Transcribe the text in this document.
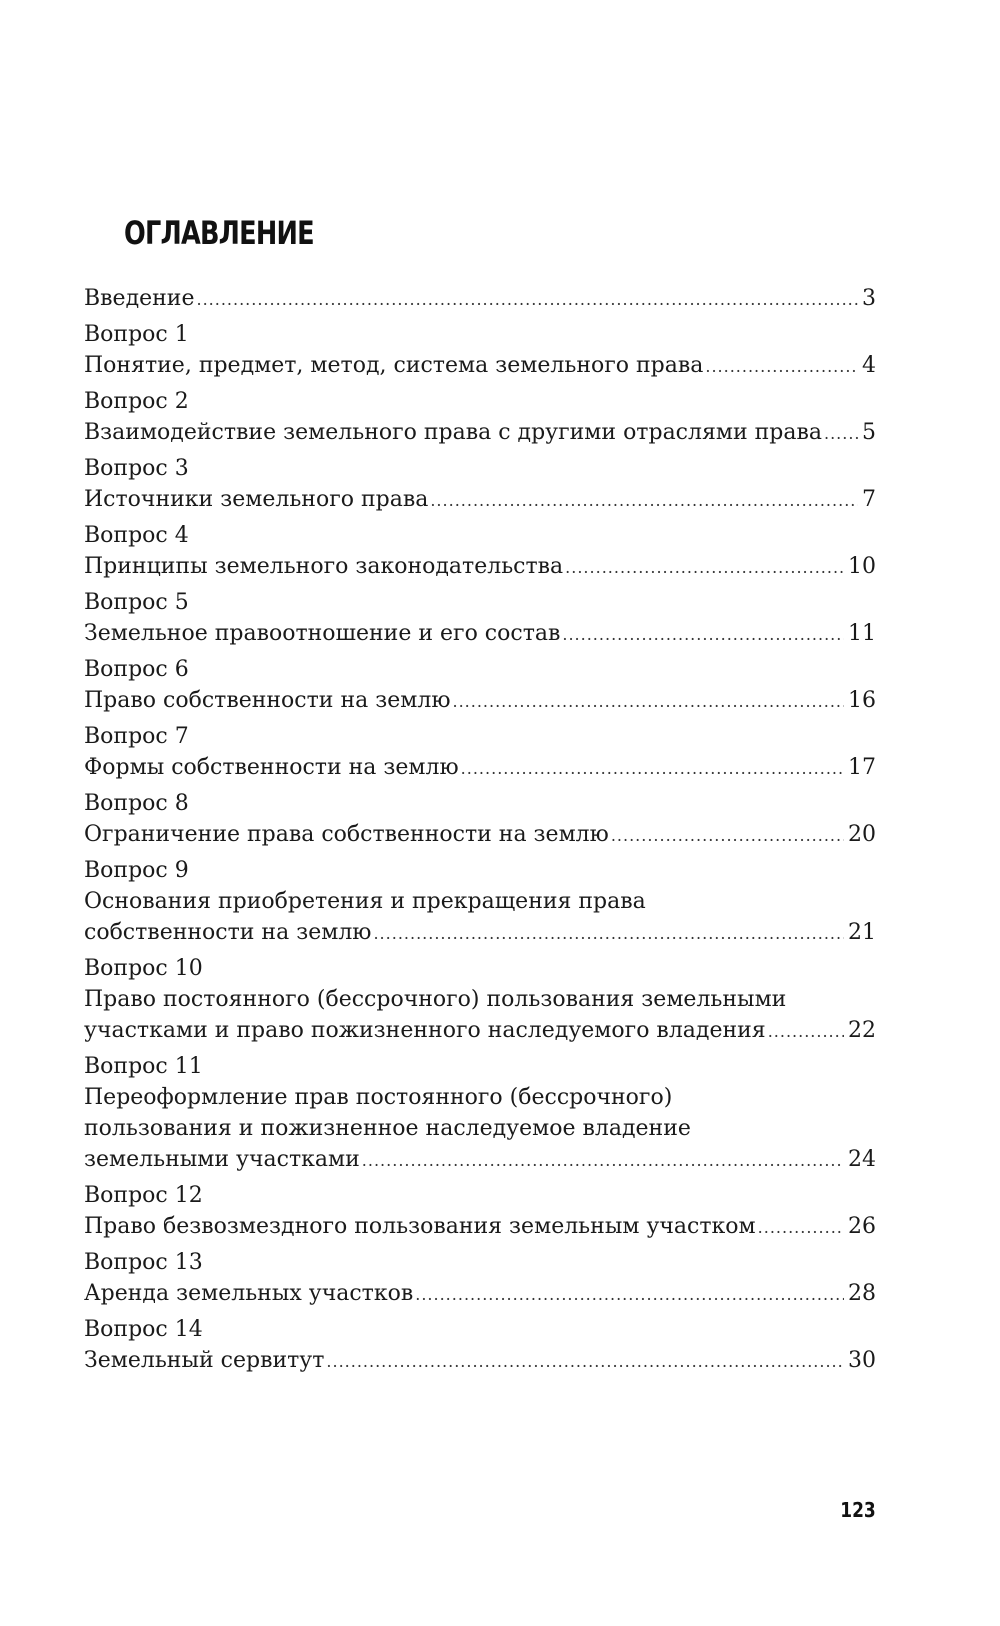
ОГЛАВЛЕНИЕ
Введение .....	3
Вопрос 1
Понятие, предмет, метод, система земельного права .....	4
Вопрос 2
Взаимодействие земельного права с другими отраслями права ..... 5
Вопрос 3
Источники земельного права .....	7
Вопрос 4
Принципы земельного законодательства .....	10
Вопрос 5
Земельное правоотношение и его состав .....	11
Вопрос 6
Право собственности на землю .....	16
Вопрос 7
Формы собственности на землю .....	17
Вопрос 8
Ограничение права собственности на землю .....	20
Вопрос 9
Основания приобретения и прекращения права
собственности на землю .....	21
Вопрос 10
Право постоянного (бессрочного) пользования земельными
участками и право пожизненного наследуемого владения .....	22
Вопрос 11
Переоформление прав постоянного (бессрочного)
пользования и пожизненное наследуемое владение
земельными участками .....	24
Вопрос 12
Право безвозмездного пользования земельным участком .....	26
Вопрос 13
Аренда земельных участков .....	28
Вопрос 14
Земельный сервитут .....	30
123
